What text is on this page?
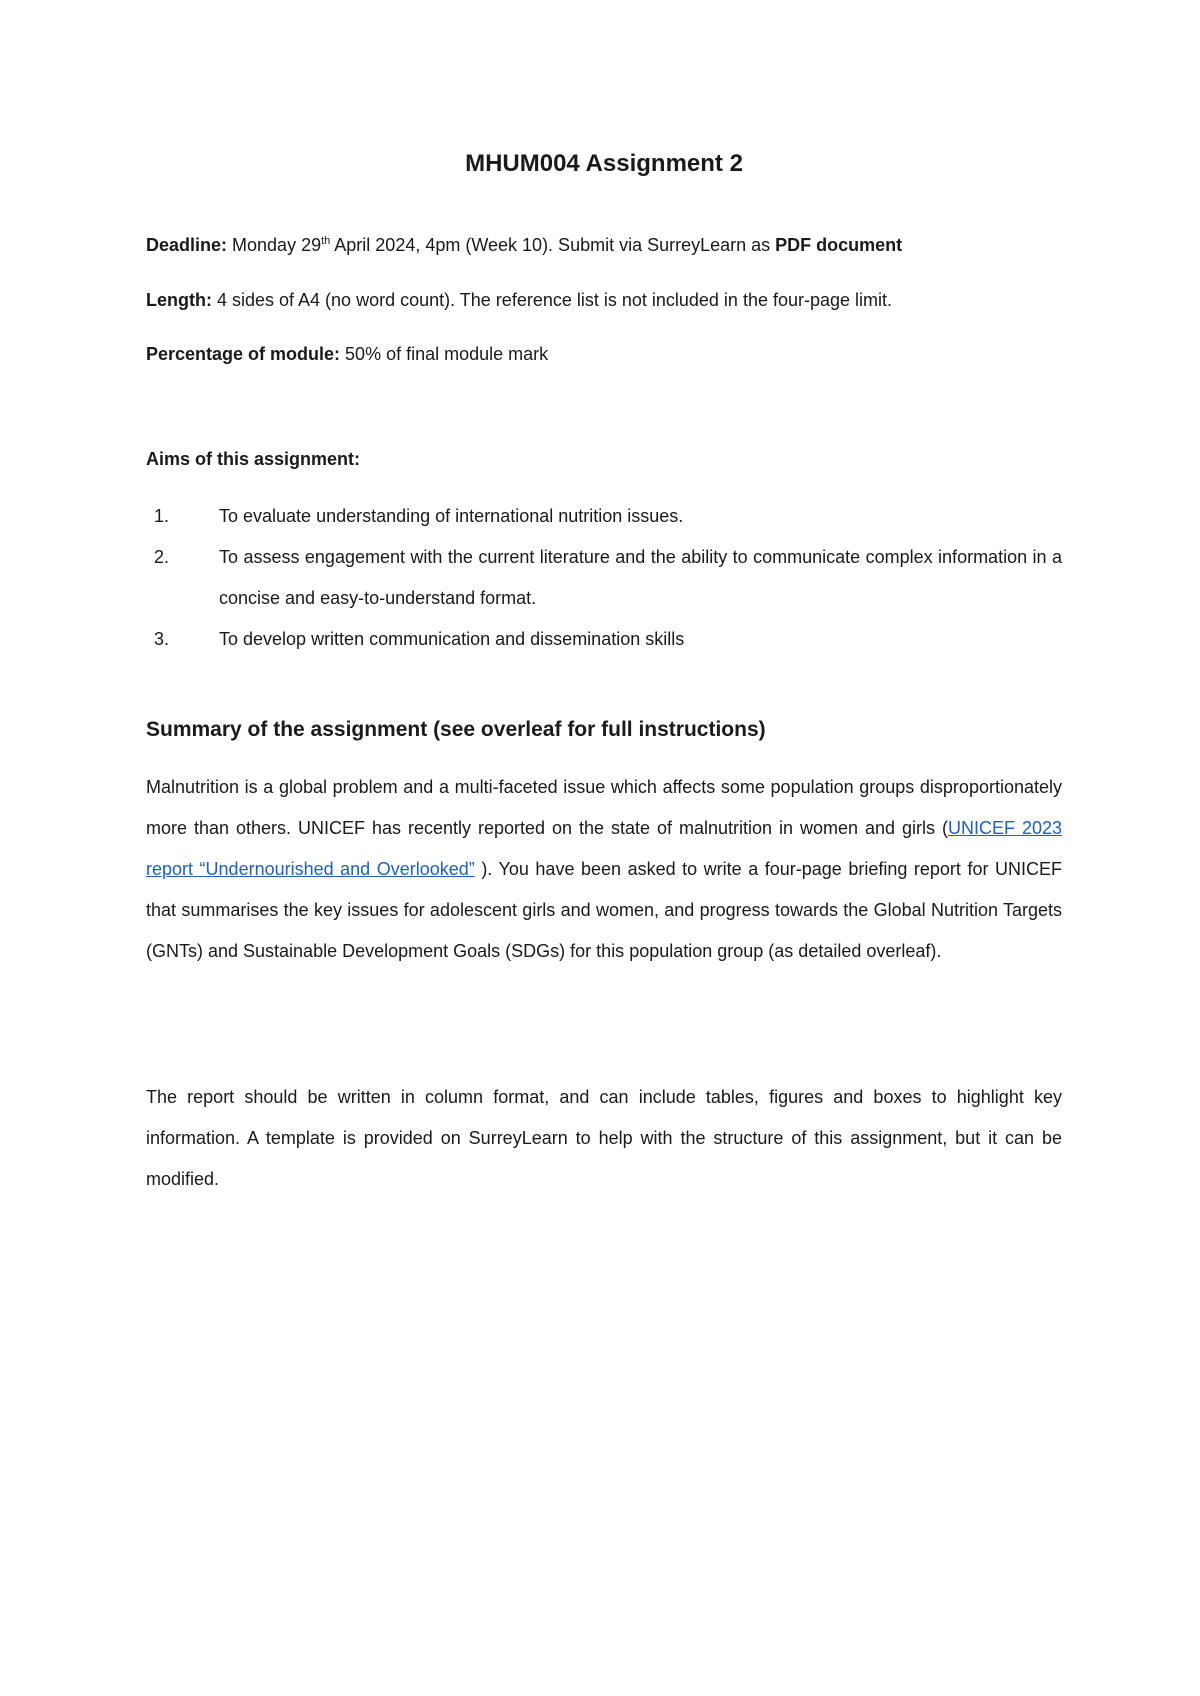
MHUM004 Assignment 2

Deadline: Monday 29th April 2024, 4pm (Week 10). Submit via SurreyLearn as PDF document

Length: 4 sides of A4 (no word count). The reference list is not included in the four-page limit.

Percentage of module: 50% of final module mark

Aims of this assignment:

1.	To evaluate understanding of international nutrition issues.
2.	To assess engagement with the current literature and the ability to communicate complex information in a concise and easy-to-understand format.
3.	To develop written communication and dissemination skills
Summary of the assignment (see overleaf for full instructions)

Malnutrition is a global problem and a multi-faceted issue which affects some population groups disproportionately more than others. UNICEF has recently reported on the state of malnutrition in women and girls (UNICEF 2023 report “Undernourished and Overlooked” ). You have been asked to write a four-page briefing report for UNICEF that summarises the key issues for adolescent girls and women, and progress towards the Global Nutrition Targets (GNTs) and Sustainable Development Goals (SDGs) for this population group (as detailed overleaf).

The report should be written in column format, and can include tables, figures and boxes to highlight key information. A template is provided on SurreyLearn to help with the structure of this assignment, but it can be modified.
